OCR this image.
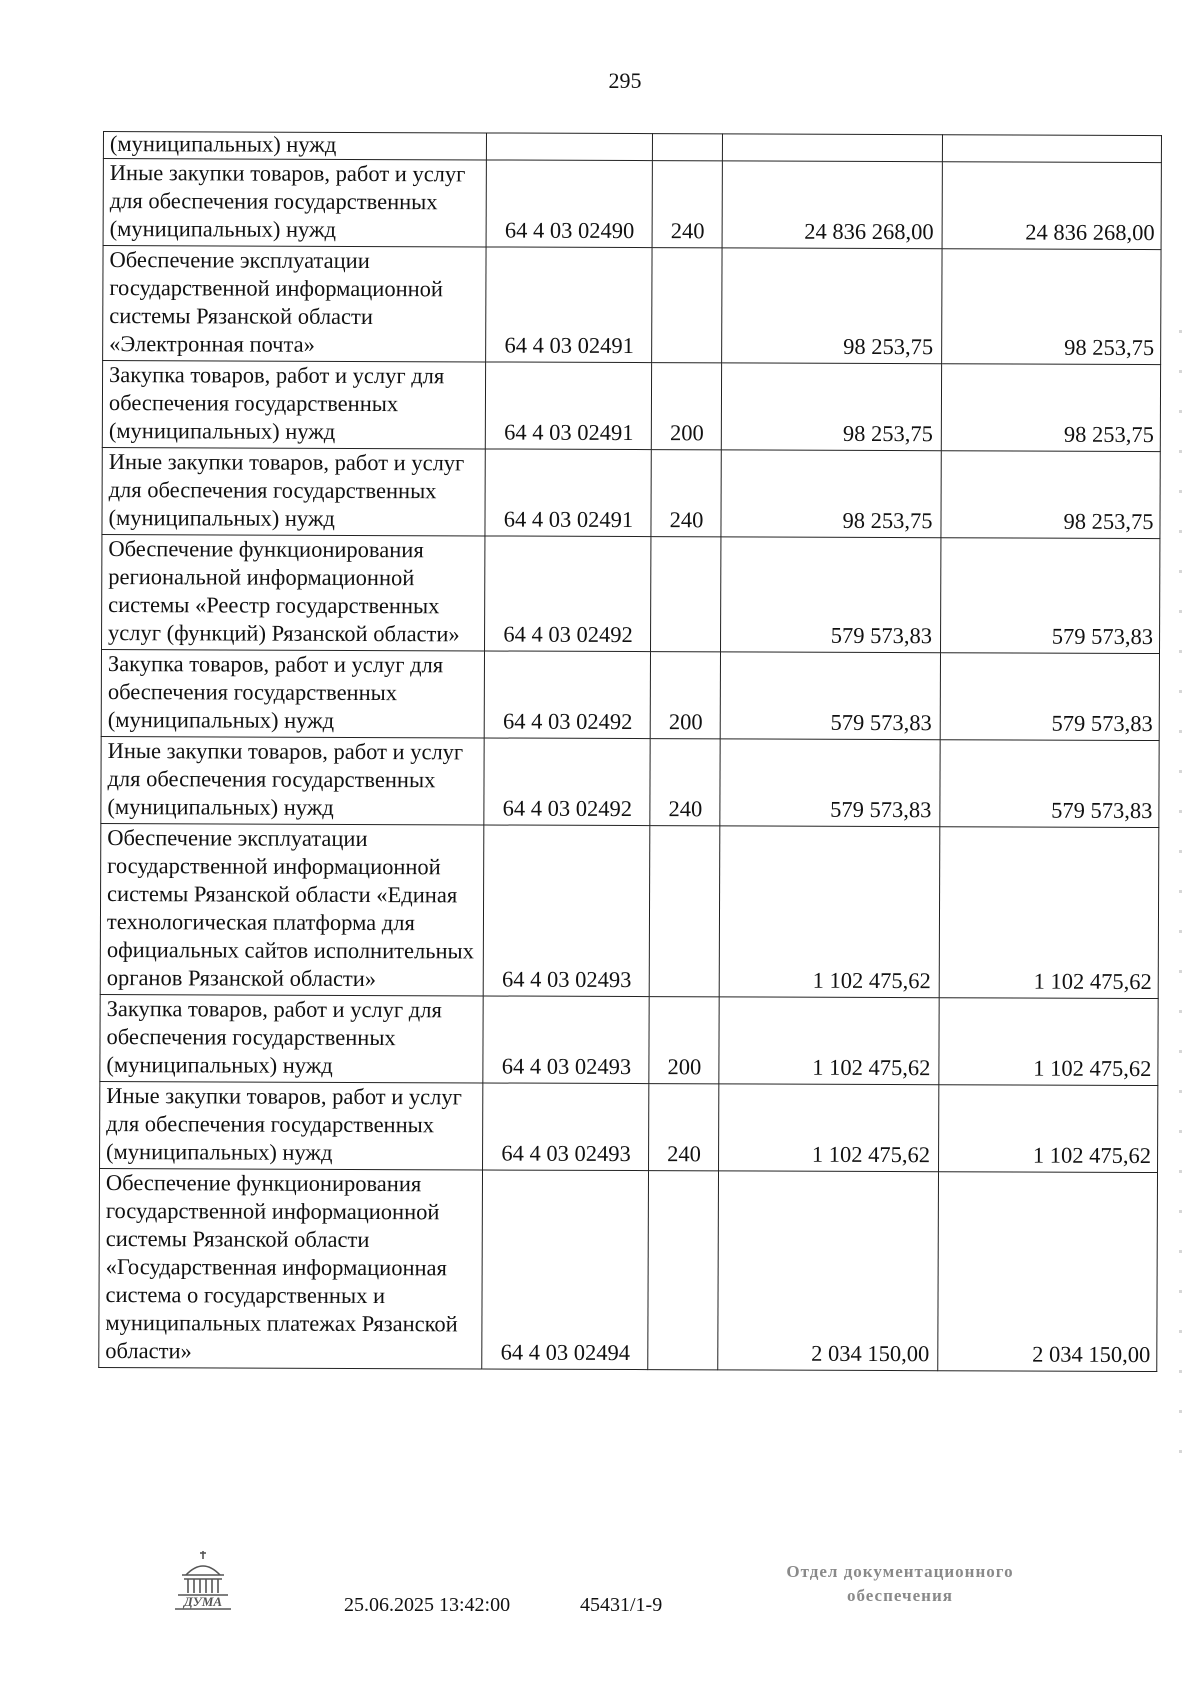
295
(муниципальных) нужд				
Иные закупки товаров, работ и услуг для обеспечения государственных (муниципальных) нужд	64 4 03 02490	240	24 836 268,00	24 836 268,00
Обеспечение эксплуатации государственной информационной системы Рязанской области «Электронная почта»	64 4 03 02491		98 253,75	98 253,75
Закупка товаров, работ и услуг для обеспечения государственных (муниципальных) нужд	64 4 03 02491	200	98 253,75	98 253,75
Иные закупки товаров, работ и услуг для обеспечения государственных (муниципальных) нужд	64 4 03 02491	240	98 253,75	98 253,75
Обеспечение функционирования региональной информационной системы «Реестр государственных услуг (функций) Рязанской области»	64 4 03 02492		579 573,83	579 573,83
Закупка товаров, работ и услуг для обеспечения государственных (муниципальных) нужд	64 4 03 02492	200	579 573,83	579 573,83
Иные закупки товаров, работ и услуг для обеспечения государственных (муниципальных) нужд	64 4 03 02492	240	579 573,83	579 573,83
Обеспечение эксплуатации государственной информационной системы Рязанской области «Единая технологическая платформа для официальных сайтов исполнительных органов Рязанской области»	64 4 03 02493		1 102 475,62	1 102 475,62
Закупка товаров, работ и услуг для обеспечения государственных (муниципальных) нужд	64 4 03 02493	200	1 102 475,62	1 102 475,62
Иные закупки товаров, работ и услуг для обеспечения государственных (муниципальных) нужд	64 4 03 02493	240	1 102 475,62	1 102 475,62
Обеспечение функционирования государственной информационной системы Рязанской области «Государственная информационная система о государственных и муниципальных платежах Рязанской области»	64 4 03 02494		2 034 150,00	2 034 150,00
ДУМА	25.06.2025 13:42:00	45431/1-9
Отдел документационного
обеспечения
